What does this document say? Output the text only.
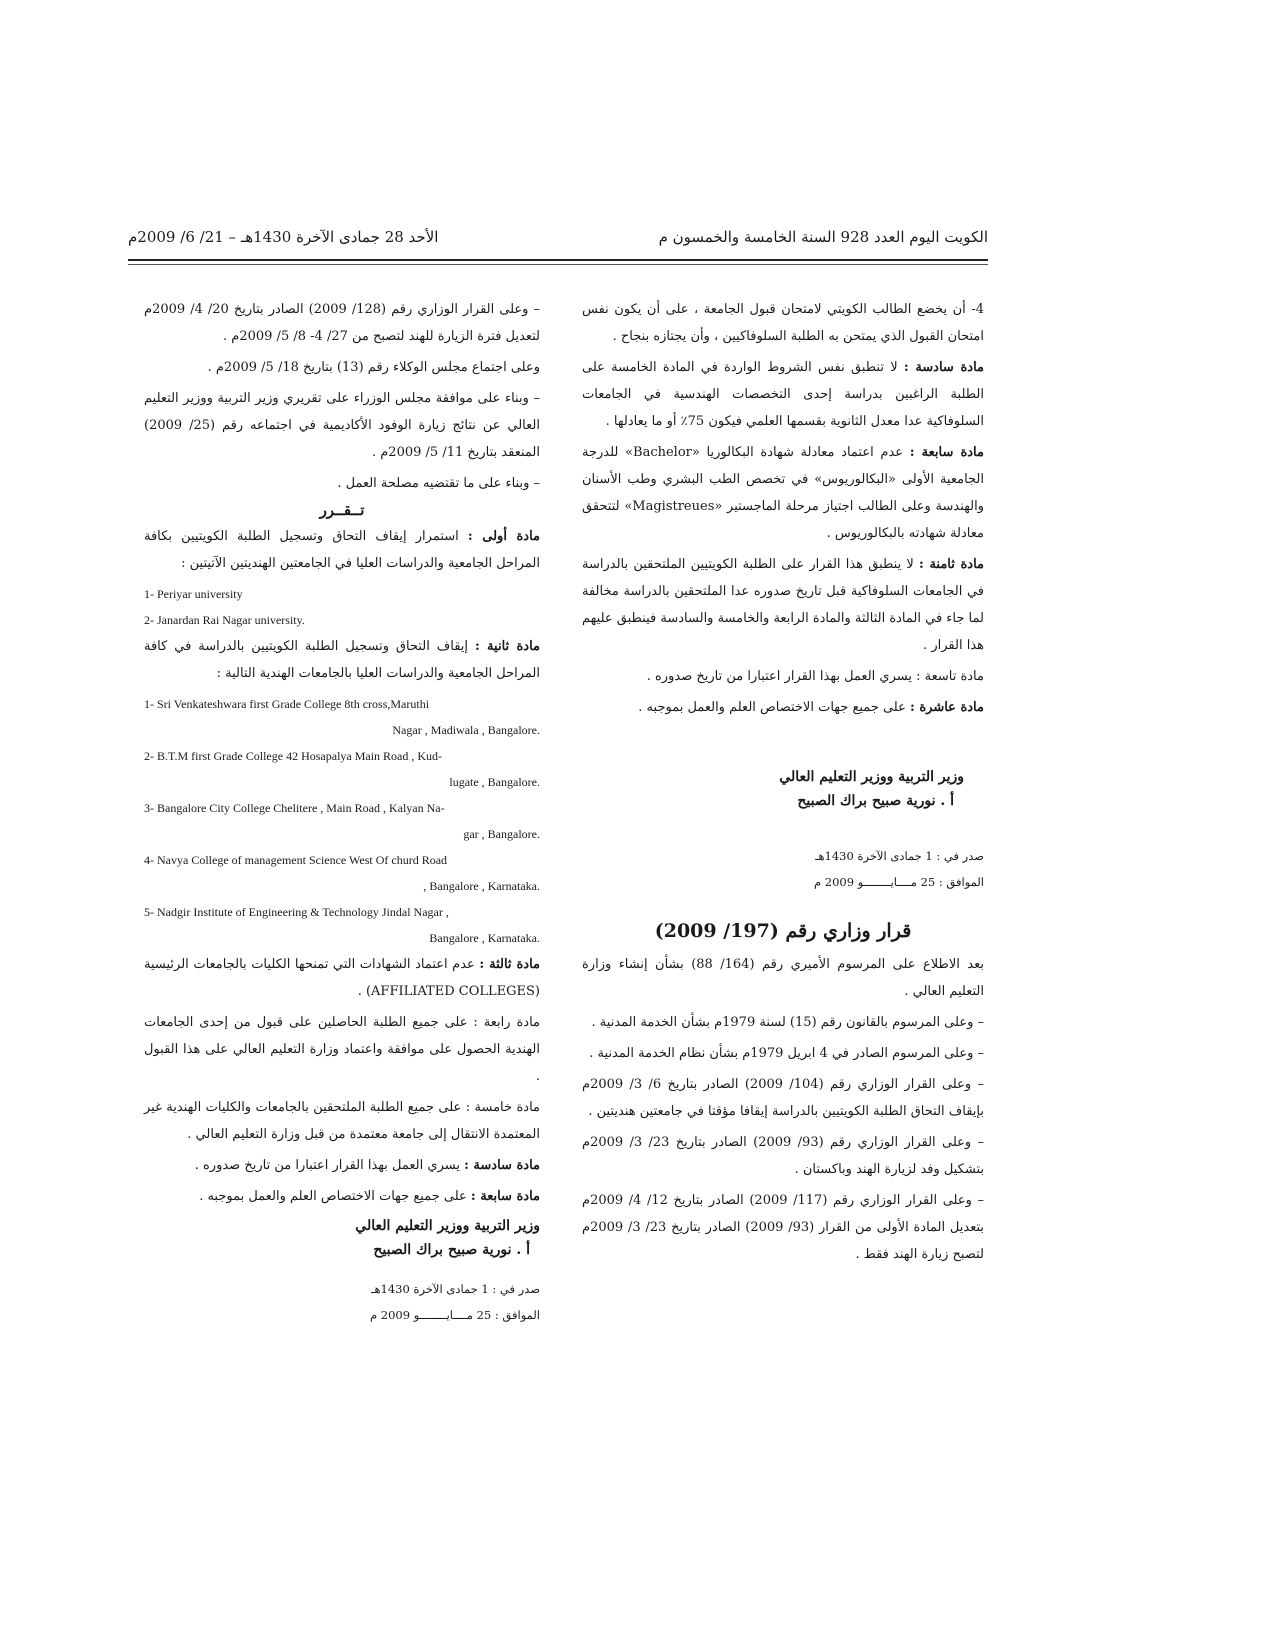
الكويت اليوم العدد 928 السنة الخامسة والخمسون م
الأحد 28 جمادى الآخرة 1430هـ – 21/ 6/ 2009م

4- أن يخضع الطالب الكويتي لامتحان قبول الجامعة ، على أن يكون نفس امتحان القبول الذي يمتحن به الطلبة السلوفاكيين ، وأن يجتازه بنجاح .

مادة سادسة : لا تنطبق نفس الشروط الواردة في المادة الخامسة على الطلبة الراغبين بدراسة إحدى التخصصات الهندسية في الجامعات السلوفاكية عدا معدل الثانوية بقسمها العلمي فيكون 75٪ أو ما يعادلها .

مادة سابعة : عدم اعتماد معادلة شهادة البكالوريا «Bachelor» للدرجة الجامعية الأولى «البكالوريوس» في تخصص الطب البشري وطب الأسنان والهندسة وعلى الطالب اجتياز مرحلة الماجستير «Magistreues» لتتحقق معادلة شهادته بالبكالوريوس .

مادة ثامنة : لا ينطبق هذا القرار على الطلبة الكويتيين الملتحقين بالدراسة في الجامعات السلوفاكية قبل تاريخ صدوره عدا الملتحقين بالدراسة مخالفة لما جاء في المادة الثالثة والمادة الرابعة والخامسة والسادسة فينطبق عليهم هذا القرار .

مادة تاسعة : يسري العمل بهذا القرار اعتبارا من تاريخ صدوره .

مادة عاشرة : على جميع جهات الاختصاص العلم والعمل بموجبه .

وزير التربية ووزير التعليم العالي

أ . نورية صبيح براك الصبيح

صدر في : 1 جمادى الآخرة 1430هـ

الموافق : 25 مــــايــــــــو 2009 م

قرار وزاري رقم (197/ 2009)

بعد الاطلاع على المرسوم الأميري رقم (164/ 88) بشأن إنشاء وزارة التعليم العالي .

– وعلى المرسوم بالقانون رقم (15) لسنة 1979م بشأن الخدمة المدنية .

– وعلى المرسوم الصادر في 4 ابريل 1979م بشأن نظام الخدمة المدنية .

– وعلى القرار الوزاري رقم (104/ 2009) الصادر بتاريخ 6/ 3/ 2009م بإيقاف التحاق الطلبة الكويتيين بالدراسة إيقافا مؤقتا في جامعتين هنديتين .

– وعلى القرار الوزاري رقم (93/ 2009) الصادر بتاريخ 23/ 3/ 2009م بتشكيل وفد لزيارة الهند وباكستان .

– وعلى القرار الوزاري رقم (117/ 2009) الصادر بتاريخ 12/ 4/ 2009م بتعديل المادة الأولى من القرار (93/ 2009) الصادر بتاريخ 23/ 3/ 2009م لتصبح زيارة الهند فقط .

– وعلى القرار الوزاري رقم (128/ 2009) الصادر بتاريخ 20/ 4/ 2009م لتعديل فترة الزيارة للهند لتصبح من 27/ 4- 8/ 5/ 2009م .

وعلى اجتماع مجلس الوكلاء رقم (13) بتاريخ 18/ 5/ 2009م .

– وبناء على موافقة مجلس الوزراء على تقريري وزير التربية ووزير التعليم العالي عن نتائج زيارة الوفود الأكاديمية في اجتماعه رقم (25/ 2009) المنعقد بتاريخ 11/ 5/ 2009م .

– وبناء على ما تقتضيه مصلحة العمل .

تــقــرر

مادة أولى : استمرار إيقاف التحاق وتسجيل الطلبة الكويتيين بكافة المراحل الجامعية والدراسات العليا في الجامعتين الهنديتين الآتيتين :

1- Periyar university

2- Janardan Rai Nagar university.

مادة ثانية : إيقاف التحاق وتسجيل الطلبة الكويتيين بالدراسة في كافة المراحل الجامعية والدراسات العليا بالجامعات الهندية التالية :

1- Sri Venkateshwara first Grade College 8th cross,Maruthi

Nagar , Madiwala , Bangalore.

2- B.T.M first Grade College 42 Hosapalya Main Road , Kud-

lugate , Bangalore.

3- Bangalore City College Chelitere , Main Road , Kalyan Na-

gar , Bangalore.

4- Navya College of management Science West Of churd Road

, Bangalore , Karnataka.

5- Nadgir Institute of Engineering & Technology Jindal Nagar ,

Bangalore , Karnataka.

مادة ثالثة : عدم اعتماد الشهادات التي تمنحها الكليات بالجامعات الرئيسية (AFFILIATED COLLEGES) .

مادة رابعة : على جميع الطلبة الحاصلين على قبول من إحدى الجامعات الهندية الحصول على موافقة واعتماد وزارة التعليم العالي على هذا القبول .

مادة خامسة : على جميع الطلبة الملتحقين بالجامعات والكليات الهندية غير المعتمدة الانتقال إلى جامعة معتمدة من قبل وزارة التعليم العالي .

مادة سادسة : يسري العمل بهذا القرار اعتبارا من تاريخ صدوره .

مادة سابعة : على جميع جهات الاختصاص العلم والعمل بموجبه .

وزير التربية ووزير التعليم العالي

أ . نورية صبيح براك الصبيح

صدر في : 1 جمادى الآخرة 1430هـ

الموافق : 25 مــــايــــــــو 2009 م
